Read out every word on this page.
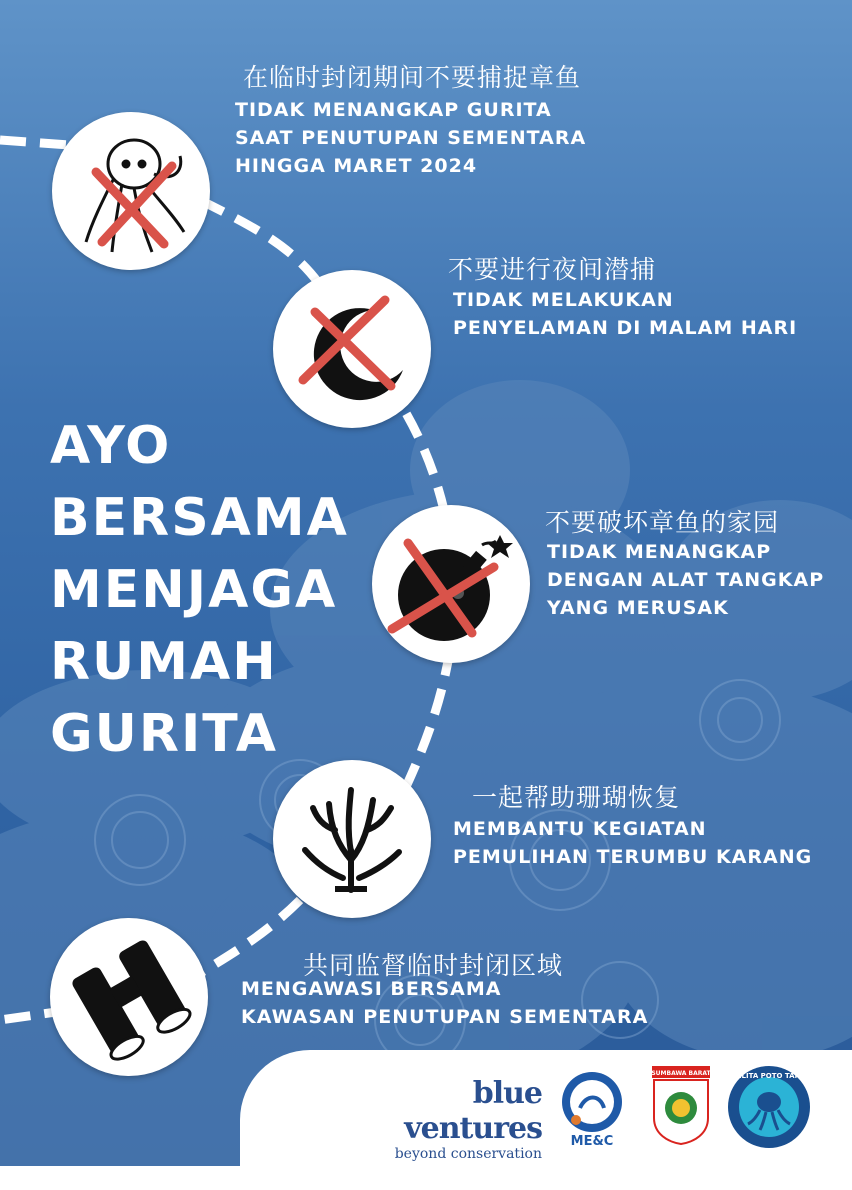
在临时封闭期间不要捕捉章鱼
TIDAK MENANGKAP GURITA
SAAT PENUTUPAN SEMENTARA
HINGGA MARET 2024
不要进行夜间潜捕
TIDAK MELAKUKAN
PENYELAMAN DI MALAM HARI
不要破坏章鱼的家园
TIDAK MENANGKAP
DENGAN ALAT TANGKAP
YANG MERUSAK
一起帮助珊瑚恢复
MEMBANTU KEGIATAN
PEMULIHAN TERUMBU KARANG
共同监督临时封闭区域
MENGAWASI BERSAMA
KAWASAN PENUTUPAN SEMENTARA
AYO
BERSAMA
MENJAGA
RUMAH
GURITA
blue ventures
beyond conservation
ME&C
SUMBAWA BARAT	PELITA POTO TANO
